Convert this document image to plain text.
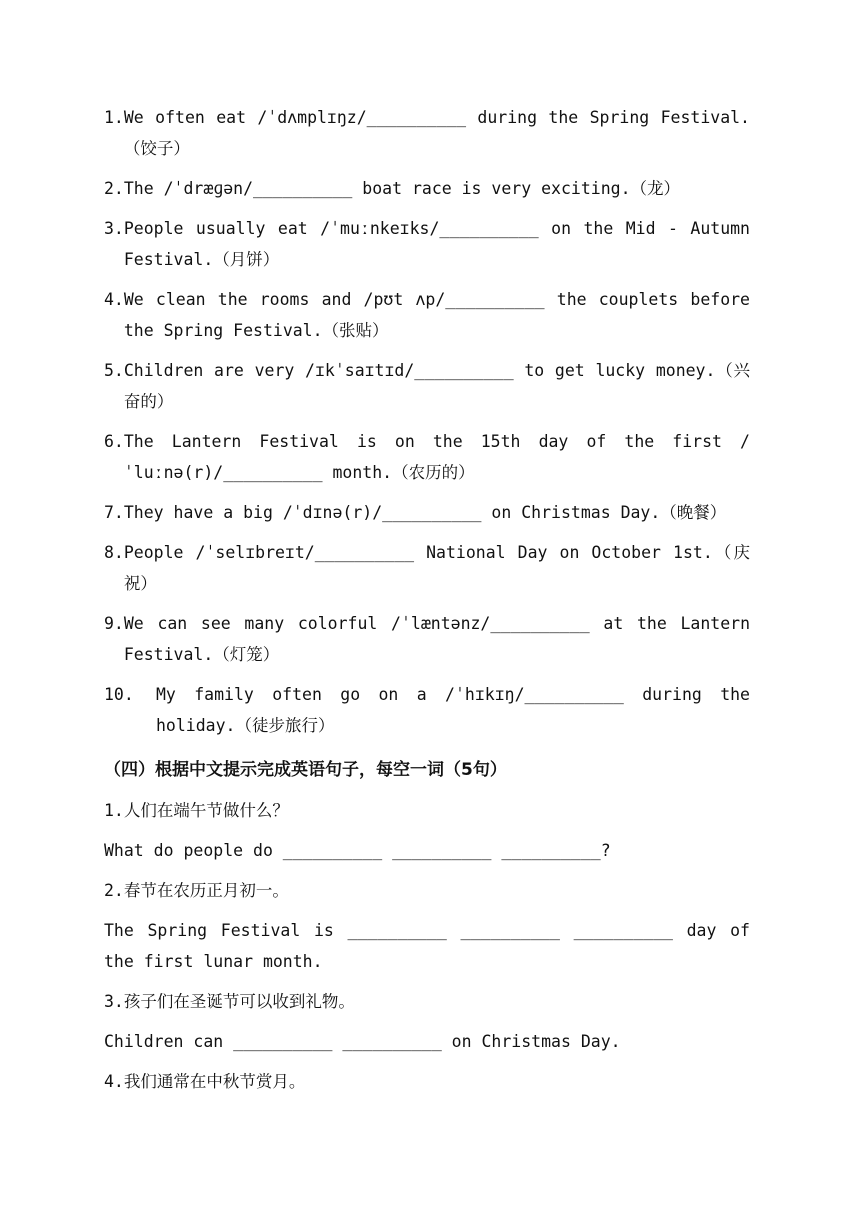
1. We often eat /ˈdʌmplɪŋz/__________ during the Spring Festival.（饺子）
2. The /ˈdræɡən/__________ boat race is very exciting.（龙）
3. People usually eat /ˈmuːnkeɪks/__________ on the Mid - Autumn Festival.（月饼）
4. We clean the rooms and /pʊt ʌp/__________ the couplets before the Spring Festival.（张贴）
5. Children are very /ɪkˈsaɪtɪd/__________ to get lucky money.（兴奋的）
6. The Lantern Festival is on the 15th day of the first /ˈluːnə(r)/__________ month.（农历的）
7. They have a big /ˈdɪnə(r)/__________ on Christmas Day.（晚餐）
8. People /ˈselɪbreɪt/__________ National Day on October 1st.（庆祝）
9. We can see many colorful /ˈlæntənz/__________ at the Lantern Festival.（灯笼）
10.	My family often go on a /ˈhɪkɪŋ/__________ during the holiday.（徒步旅行）
（四）根据中文提示完成英语句子，每空一词（5句）
1.人们在端午节做什么？
What do people do __________ __________ __________?
2.春节在农历正月初一。
The Spring Festival is __________ __________ __________ day of the first lunar month.
3.孩子们在圣诞节可以收到礼物。
Children can __________ __________ on Christmas Day.
4.我们通常在中秋节赏月。
